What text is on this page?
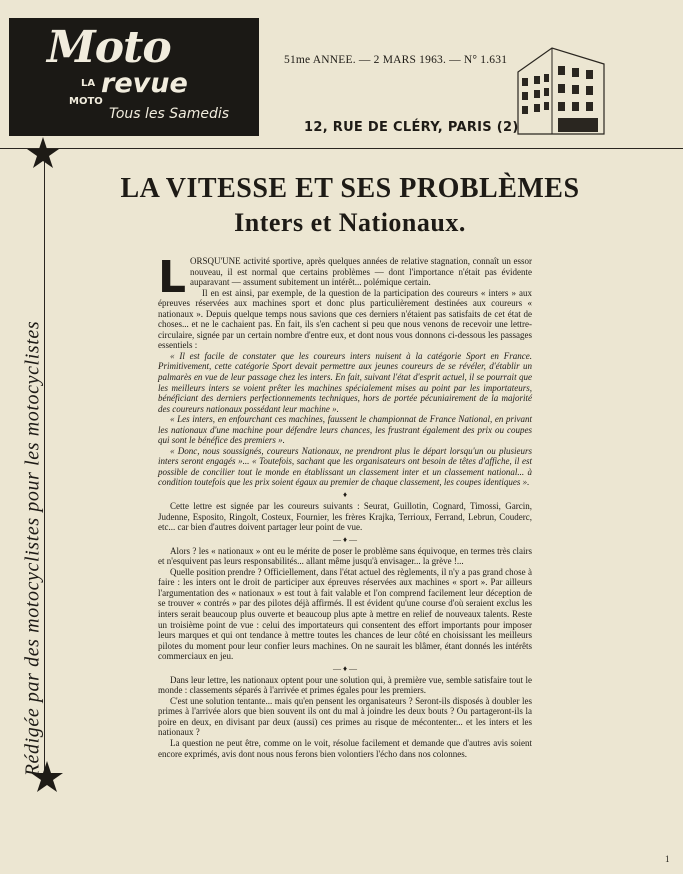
Moto
LA
MOTO
revue
Tous les Samedis
51me ANNEE. — 2 MARS 1963. — N° 1.631
12, RUE DE CLÉRY, PARIS (2)
Rédigée par des motocyclistes pour les motocyclistes
LA VITESSE ET SES PROBLÈMES
Inters et Nationaux.

LORSQU'UNE activité sportive, après quelques années de relative stagnation, connaît un essor nouveau, il est normal que certains problèmes — dont l'importance n'était pas évidente auparavant — assument subitement un intérêt... polémique certain.

Il en est ainsi, par exemple, de la question de la participation des coureurs « inters » aux épreuves réservées aux machines sport et donc plus particulièrement destinées aux coureurs « nationaux ». Depuis quelque temps nous savions que ces derniers n'étaient pas satisfaits de cet état de choses... et ne le cachaient pas. En fait, ils s'en cachent si peu que nous venons de recevoir une lettre-circulaire, signée par un certain nombre d'entre eux, et dont nous vous donnons ci-dessous les passages essentiels :

« Il est facile de constater que les coureurs inters nuisent à la catégorie Sport en France. Primitivement, cette catégorie Sport devait permettre aux jeunes coureurs de se révéler, d'établir un palmarès en vue de leur passage chez les inters. En fait, suivant l'état d'esprit actuel, il se pourrait que les meilleurs inters se voient prêter les machines spécialement mises au point par les importateurs, bénéficiant des derniers perfectionnements techniques, hors de portée pécuniairement de la majorité des coureurs nationaux possédant leur machine ».

« Les inters, en enfourchant ces machines, faussent le championnat de France National, en privant les nationaux d'une machine pour défendre leurs chances, les frustrant également des prix ou coupes qui sont le bénéfice des premiers ».

« Donc, nous soussignés, coureurs Nationaux, ne prendront plus le départ lorsqu'un ou plusieurs inters seront engagés »... « Toutefois, sachant que les organisateurs ont besoin de têtes d'affiche, il est possible de concilier tout le monde en établissant un classement inter et un classement national... à condition toutefois que les prix soient égaux au premier de chaque classement, les coupes identiques ».

♦

Cette lettre est signée par les coureurs suivants : Seurat, Guillotin, Cognard, Timossi, Garcin, Judenne, Esposito, Ringolt, Costeux, Fournier, les frères Krajka, Terrioux, Ferrand, Lebrun, Couderc, etc... car bien d'autres doivent partager leur point de vue.

— ♦ —

Alors ? les « nationaux » ont eu le mérite de poser le problème sans équivoque, en termes très clairs et n'esquivent pas leurs responsabilités... allant même jusqu'à envisager... la grève !...

Quelle position prendre ? Officiellement, dans l'état actuel des règlements, il n'y a pas grand chose à faire : les inters ont le droit de participer aux épreuves réservées aux machines « sport ». Par ailleurs l'argumentation des « nationaux » est tout à fait valable et l'on comprend facilement leur déception de se trouver « contrés » par des pilotes déjà affirmés. Il est évident qu'une course d'où seraient exclus les inters serait beaucoup plus ouverte et beaucoup plus apte à mettre en relief de nouveaux talents. Reste un troisième point de vue : celui des importateurs qui consentent des effort importants pour imposer leurs marques et qui ont tendance à mettre toutes les chances de leur côté en choisissant les meilleurs pilotes du moment pour leur confier leurs machines. On ne saurait les blâmer, étant donnés les intérêts commerciaux en jeu.

— ♦ —

Dans leur lettre, les nationaux optent pour une solution qui, à première vue, semble satisfaire tout le monde : classements séparés à l'arrivée et primes égales pour les premiers.

C'est une solution tentante... mais qu'en pensent les organisateurs ? Seront-ils disposés à doubler les primes à l'arrivée alors que bien souvent ils ont du mal à joindre les deux bouts ? Ou partageront-ils la poire en deux, en divisant par deux (aussi) ces primes au risque de mécontenter... et les inters et les nationaux ?

La question ne peut être, comme on le voit, résolue facilement et demande que d'autres avis soient encore exprimés, avis dont nous nous ferons bien volontiers l'écho dans nos colonnes.

1
